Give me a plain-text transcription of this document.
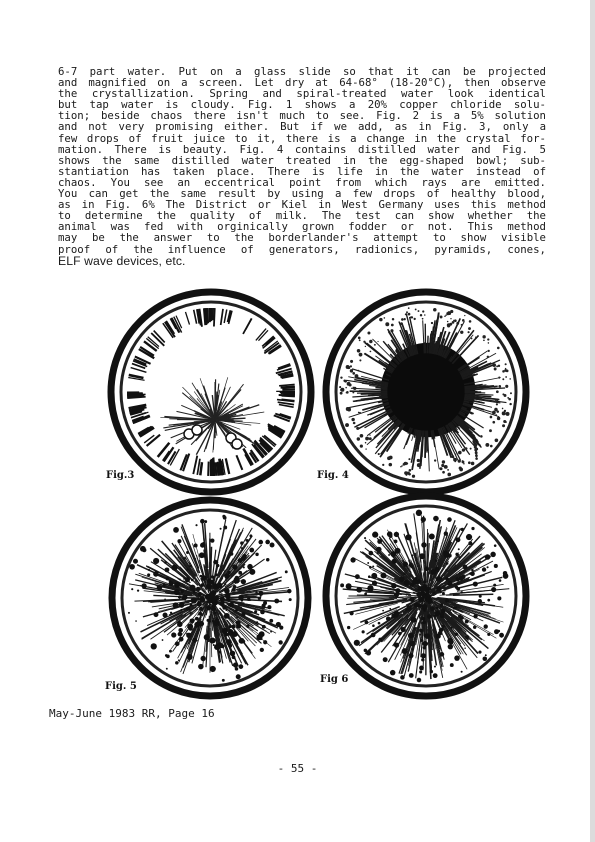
6-7 part water. Put on a glass slide so that it can be projected
and magnified on a screen. Let dry at 64-68° (18-20°C), then observe
the crystallization. Spring and spiral-treated water look identical
but tap water is cloudy. Fig. 1 shows a 20% copper chloride solu-
tion; beside chaos there isn't much to see. Fig. 2 is a 5% solution
and not very promising either. But if we add, as in Fig. 3, only a
few drops of fruit juice to it, there is a change in the crystal for-
mation. There is beauty. Fig. 4 contains distilled water and Fig. 5
shows the same distilled water treated in the egg-shaped bowl; sub-
stantiation has taken place. There is life in the water instead of
chaos. You see an eccentrical point from which rays are emitted.
You can get the same result by using a few drops of healthy blood,
as in Fig. 6% The District or Kiel in West Germany uses this method
to determine the quality of milk. The test can show whether the
animal was fed with orginically grown fodder or not. This method
may be the answer to the borderlander's attempt to show visible
proof of the influence of generators, radionics, pyramids, cones,
ELF wave devices, etc.
Fig.3	Fig. 4
Fig. 5
Fig 6
May-June 1983 RR, Page 16
- 55 -
